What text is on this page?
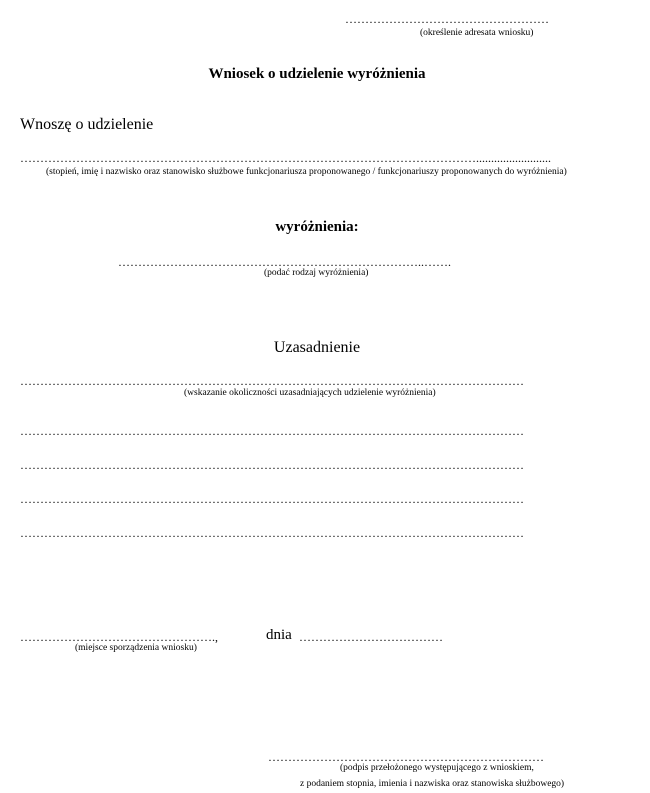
……………………………………………
(określenie adresata wniosku)
Wniosek o udzielenie wyróżnienia
Wnoszę o udzielenie
…………………………………………………………………………………………………….........................
(stopień, imię i nazwisko oraz stanowisko służbowe funkcjonariusza proponowanego / funkcjonariuszy proponowanych do wyróżnienia)
wyróżnienia:
…………………………………………………………………..…….
(podać rodzaj wyróżnienia)
Uzasadnienie
………………………………………………………………………………………………………………
(wskazanie okoliczności uzasadniających udzielenie wyróżnienia)
………………………………………………………………………………………………………………
………………………………………………………………………………………………………………
………………………………………………………………………………………………………………
………………………………………………………………………………………………………………
………………………………………….,	dnia ………………………………
(miejsce sporządzenia wniosku)
……………………………………………………………
(podpis przełożonego występującego z wnioskiem,
z podaniem stopnia, imienia i nazwiska oraz stanowiska służbowego)
